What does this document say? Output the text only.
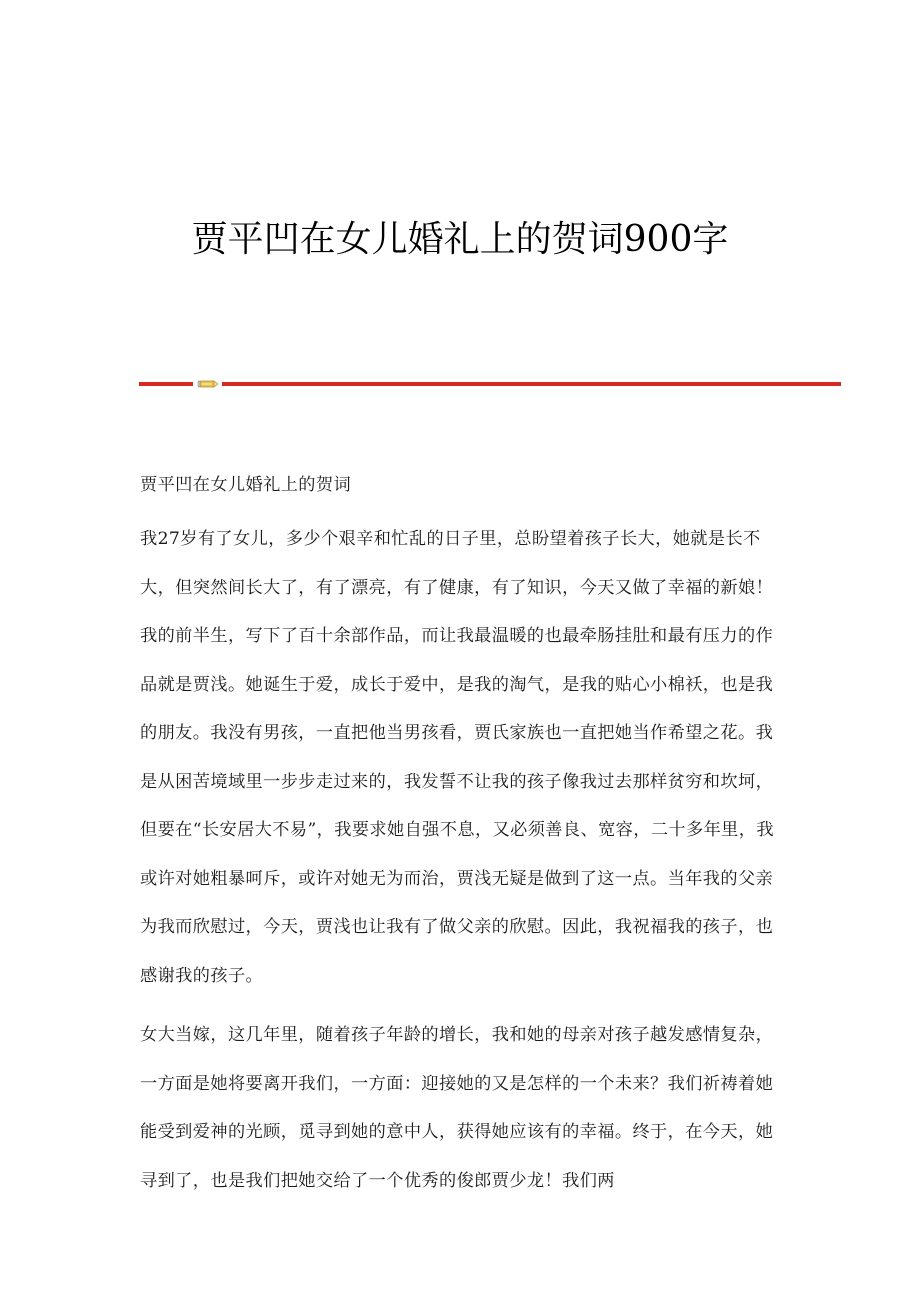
贾平凹在女儿婚礼上的贺词900字

贾平凹在女儿婚礼上的贺词

我27岁有了女儿，多少个艰辛和忙乱的日子里，总盼望着孩子长大，她就是长不大，但突然间长大了，有了漂亮，有了健康，有了知识，今天又做了幸福的新娘！我的前半生，写下了百十余部作品，而让我最温暖的也最牵肠挂肚和最有压力的作品就是贾浅。她诞生于爱，成长于爱中，是我的淘气，是我的贴心小棉袄，也是我的朋友。我没有男孩，一直把他当男孩看，贾氏家族也一直把她当作希望之花。我是从困苦境域里一步步走过来的，我发誓不让我的孩子像我过去那样贫穷和坎坷，但要在“长安居大不易”，我要求她自强不息，又必须善良、宽容，二十多年里，我或许对她粗暴呵斥，或许对她无为而治，贾浅无疑是做到了这一点。当年我的父亲为我而欣慰过，今天，贾浅也让我有了做父亲的欣慰。因此，我祝福我的孩子，也感谢我的孩子。

女大当嫁，这几年里，随着孩子年龄的增长，我和她的母亲对孩子越发感情复杂，一方面是她将要离开我们，一方面：迎接她的又是怎样的一个未来？我们祈祷着她能受到爱神的光顾，觅寻到她的意中人，获得她应该有的幸福。终于，在今天，她寻到了，也是我们把她交给了一个优秀的俊郎贾少龙！我们两
